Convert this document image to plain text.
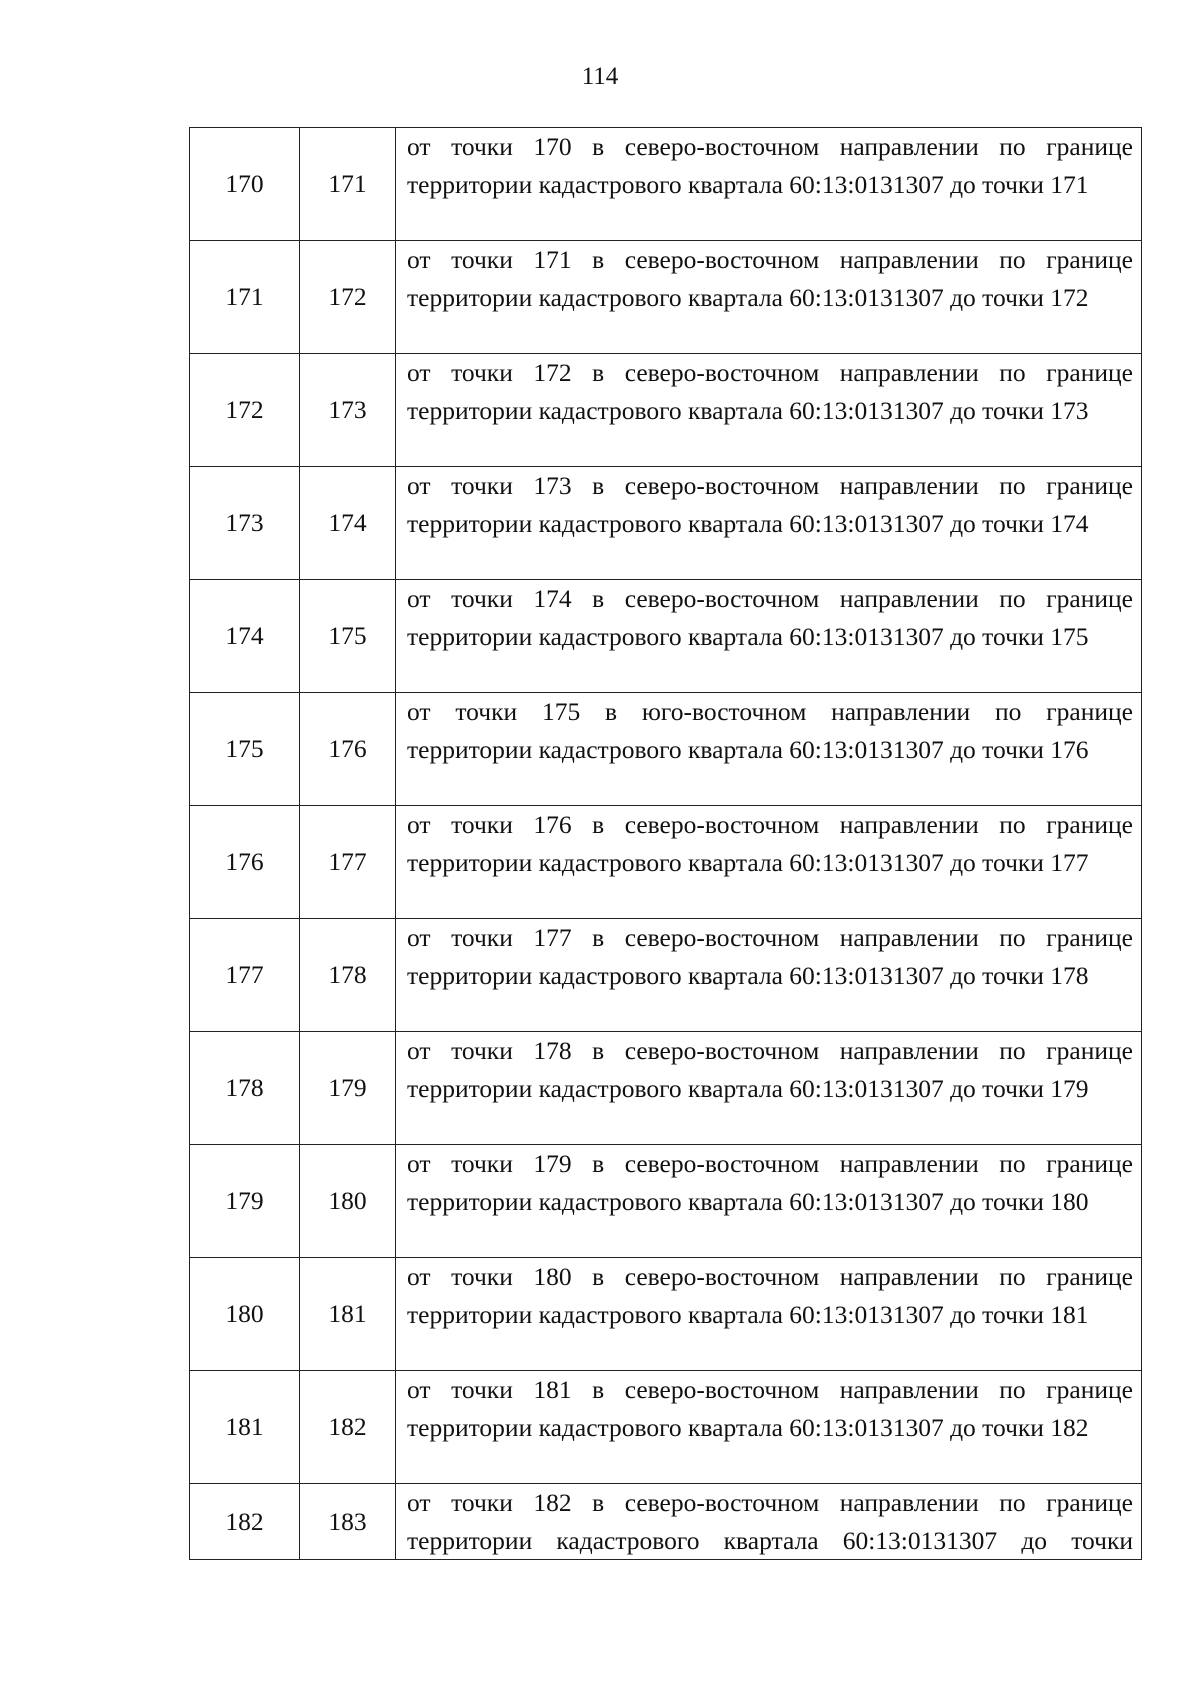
114
170	171	от точки 170 в северо-восточном направлении по границе территории кадастрового квартала 60:13:0131307 до точки 171
171	172	от точки 171 в северо-восточном направлении по границе территории кадастрового квартала 60:13:0131307 до точки 172
172	173	от точки 172 в северо-восточном направлении по границе территории кадастрового квартала 60:13:0131307 до точки 173
173	174	от точки 173 в северо-восточном направлении по границе территории кадастрового квартала 60:13:0131307 до точки 174
174	175	от точки 174 в северо-восточном направлении по границе территории кадастрового квартала 60:13:0131307 до точки 175
175	176	от точки 175 в юго-восточном направлении по границе территории кадастрового квартала 60:13:0131307 до точки 176
176	177	от точки 176 в северо-восточном направлении по границе территории кадастрового квартала 60:13:0131307 до точки 177
177	178	от точки 177 в северо-восточном направлении по границе территории кадастрового квартала 60:13:0131307 до точки 178
178	179	от точки 178 в северо-восточном направлении по границе территории кадастрового квартала 60:13:0131307 до точки 179
179	180	от точки 179 в северо-восточном направлении по границе территории кадастрового квартала 60:13:0131307 до точки 180
180	181	от точки 180 в северо-восточном направлении по границе территории кадастрового квартала 60:13:0131307 до точки 181
181	182	от точки 181 в северо-восточном направлении по границе территории кадастрового квартала 60:13:0131307 до точки 182
182	183	от точки 182 в северо-восточном направлении по границе территории кадастрового квартала 60:13:0131307 до точки
